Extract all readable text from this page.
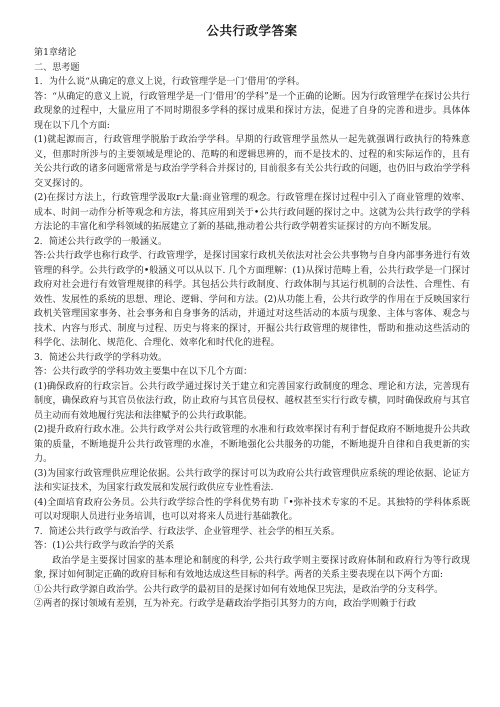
公共行政学答案

第1章绪论

二、思考题

1．为什么说“从确定的意义上说，行政管理学是一门‘借用’的学科。

答：“从确定的意义上说，行政管理学是一门‘借用’的学科”是一个正确的论断。因为行政管理学在探讨公共行政现象的过程中，大量应用了不同时期很多学科的探讨成果和探讨方法，促进了自身的完善和进步。具体体现在以下几个方面:

(1)就起源而言，行政管理学脱胎于政治学学科。早期的行政管理学虽然从一起先就强调行政执行的特殊意义，但那时所涉与的主要领域是理论的、范畴的和逻辑思辨的，而不是技术的、过程的和实际运作的，且有关公共行政的诸多问题常常是与政治学学科合并探讨的, 目前很多有关公共行政的问题，也仍旧与政治学学科交叉探讨的。

(2)在探讨方法上，行政管理学汲取r大量:商业管理的观念。行政管理在探讨过程中引入了商业管理的效率、成本、时间一动作分析等观念和方法，将其应用到关于•公共行政问题的探讨之中。这就为公共行政学的学科方法论的丰富化和学科领域的拓展建立了新的基础,推动着公共行政学朝着实证探讨的方向不断发展。

2．简述公共行政学的一般涵义。

答:公共行政学也称行政学、行政管理学，是探讨国家行政机关依法对社会公共事物与自身内部事务进行有效管理的科学。公共行政学的•般涵义可以从以下. 几个方面理解：(1)从探讨范畴上看，公共行政学是一门探讨政府对社会进行有效管理规律的科学。其包括公共行政制度、行政体制与其运行机制的合法性、合理性、有效性、发展性的系统的思想、理论、逻辑、学问和方法。(2)从功能上看，公共行政学的作用在于反映国家行政机关管理国家事务、社会事务和自身事务的活动，并通过对这些活动的本质与现象、主体与客体、观念与技术、内容与形式、制度与过程、历史与将来的探讨，开掘公共行政管理的规律性，帮助和推动这些活动的科学化、法制化、规范化、合理化、效率化和时代化的进程。

3．简述公共行政学的学科功效。

答：公共行政学的学科功效主要集中在以下几个方面：

(1)确保政府的行政宗旨。公共行政学通过探讨关于建立和完善国家行政制度的理念、理论和方法，完善现有制度，确保政府与其官员依法行政，防止政府与其官员侵权、越权甚至实行行政专横，同时确保政府与其官员主动而有效地履行宪法和法律赋予的公共行政职能。

(2)提升政府行政水准。公共行政学对公共行政管理的水准和行政效率探讨有利于督促政府不断地提升公共政策的质量，不断地提升公共行政管理的水准，不断地强化公共服务的功能，不断地提升自律和自我更新的实力。

(3)为国家行政管理供应理论依据。公共行政学的探讨可以为政府公共行政管理供应系统的理论依据、论证方法和实证技术，为国家行政发展和发展行政供应专业性看法.

(4)全面培育政府公务员。公共行政学综合性的学科优势有助『•弥补技术专家的不足。其独特的学科体系既可以对现职人员进行业务培训，也可以对将来人员进行基础教化。

7．简述公共行政学与政治学、行政法学、企业管理学、社会学的相互关系。

答：(1)公共行政学与政治学的关系

政治学是主要探讨国家的基本理论和制度的科学, 公共行政学则主要探讨政府体制和政府行为等行政现象, 探讨如何制定正确的政府目标和有效地达成这些目标的科学。两者的关系主要表现在以下两个方面:

①公共行政学源自政治学。公共行政学的最初目的是探讨如何有效地保卫宪法，是政治学的分支科学。

②两者的探讨领域有差别，互为补充。行政学是藉政治学指引其努力的方向，政治学则赖于行政
